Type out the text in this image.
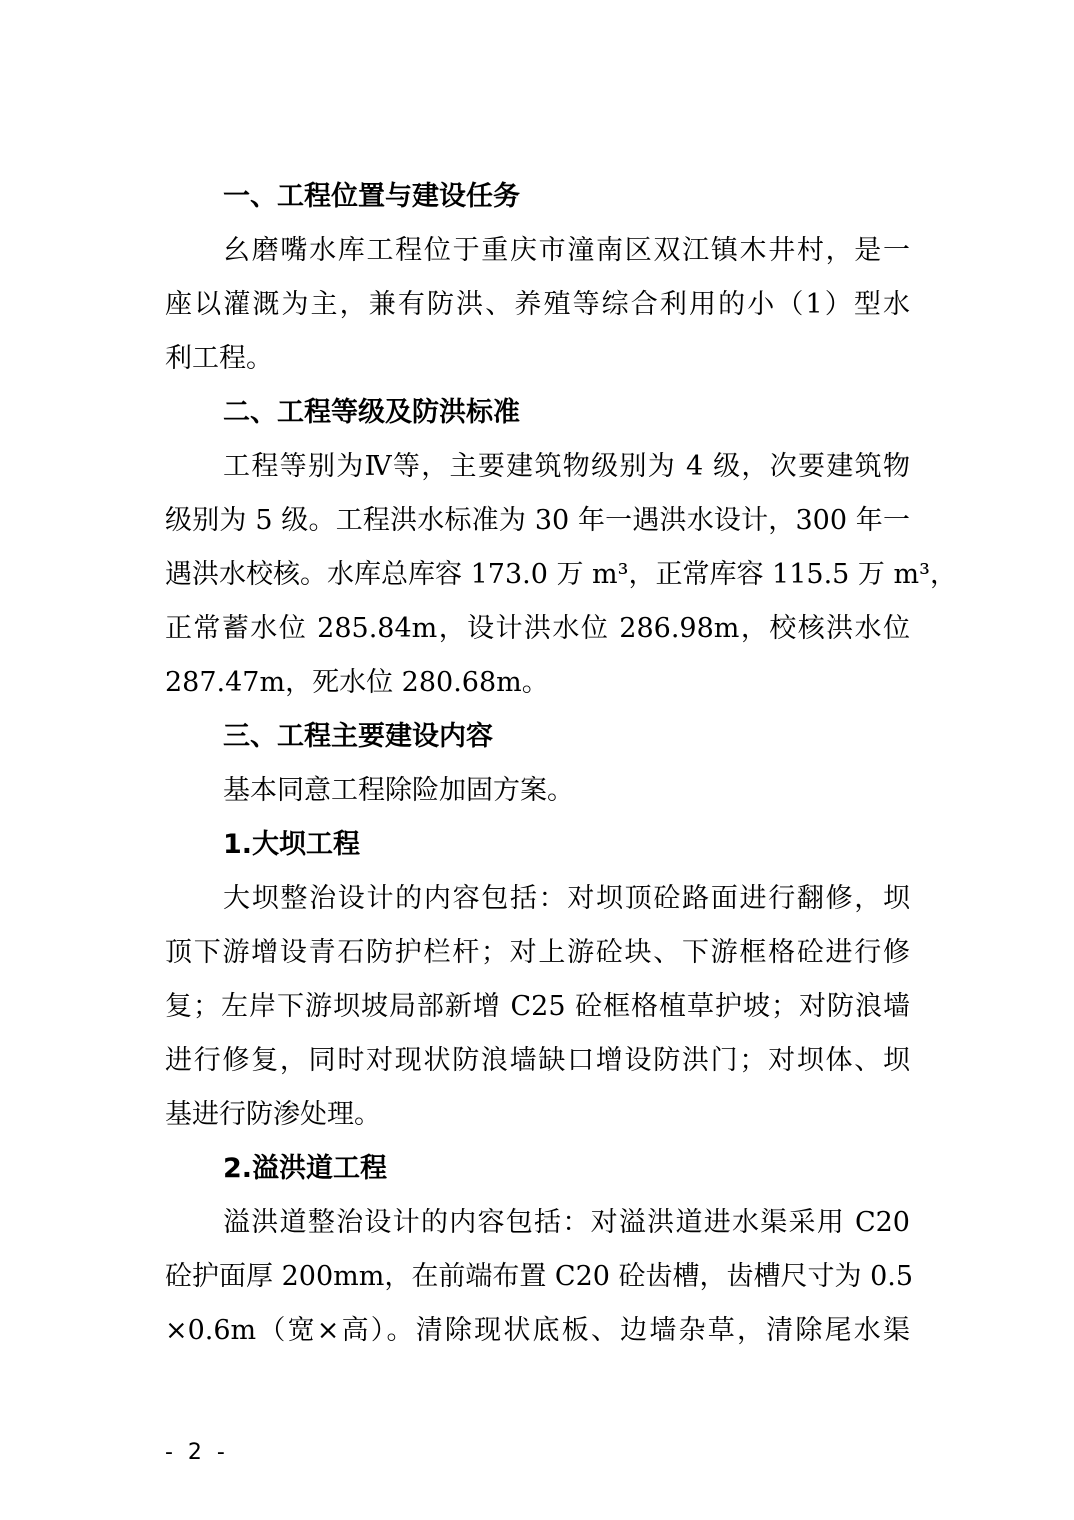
一、工程位置与建设任务

幺磨嘴水库工程位于重庆市潼南区双江镇木井村，是一

座以灌溉为主，兼有防洪、养殖等综合利用的小（1）型水

利工程。

二、工程等级及防洪标准

工程等别为Ⅳ等，主要建筑物级别为 4 级，次要建筑物

级别为 5 级。工程洪水标准为 30 年一遇洪水设计，300 年一

遇洪水校核。水库总库容 173.0 万 m³，正常库容 115.5 万 m³，

正常蓄水位 285.84m，设计洪水位 286.98m，校核洪水位

287.47m，死水位 280.68m。

三、工程主要建设内容

基本同意工程除险加固方案。

1.大坝工程

大坝整治设计的内容包括：对坝顶砼路面进行翻修，坝

顶下游增设青石防护栏杆；对上游砼块、下游框格砼进行修

复；左岸下游坝坡局部新增 C25 砼框格植草护坡；对防浪墙

进行修复，同时对现状防浪墙缺口增设防洪门；对坝体、坝

基进行防渗处理。

2.溢洪道工程

溢洪道整治设计的内容包括：对溢洪道进水渠采用 C20

砼护面厚 200mm，在前端布置 C20 砼齿槽，齿槽尺寸为 0.5

×0.6m（宽×高）。清除现状底板、边墙杂草，清除尾水渠

- 2 -
